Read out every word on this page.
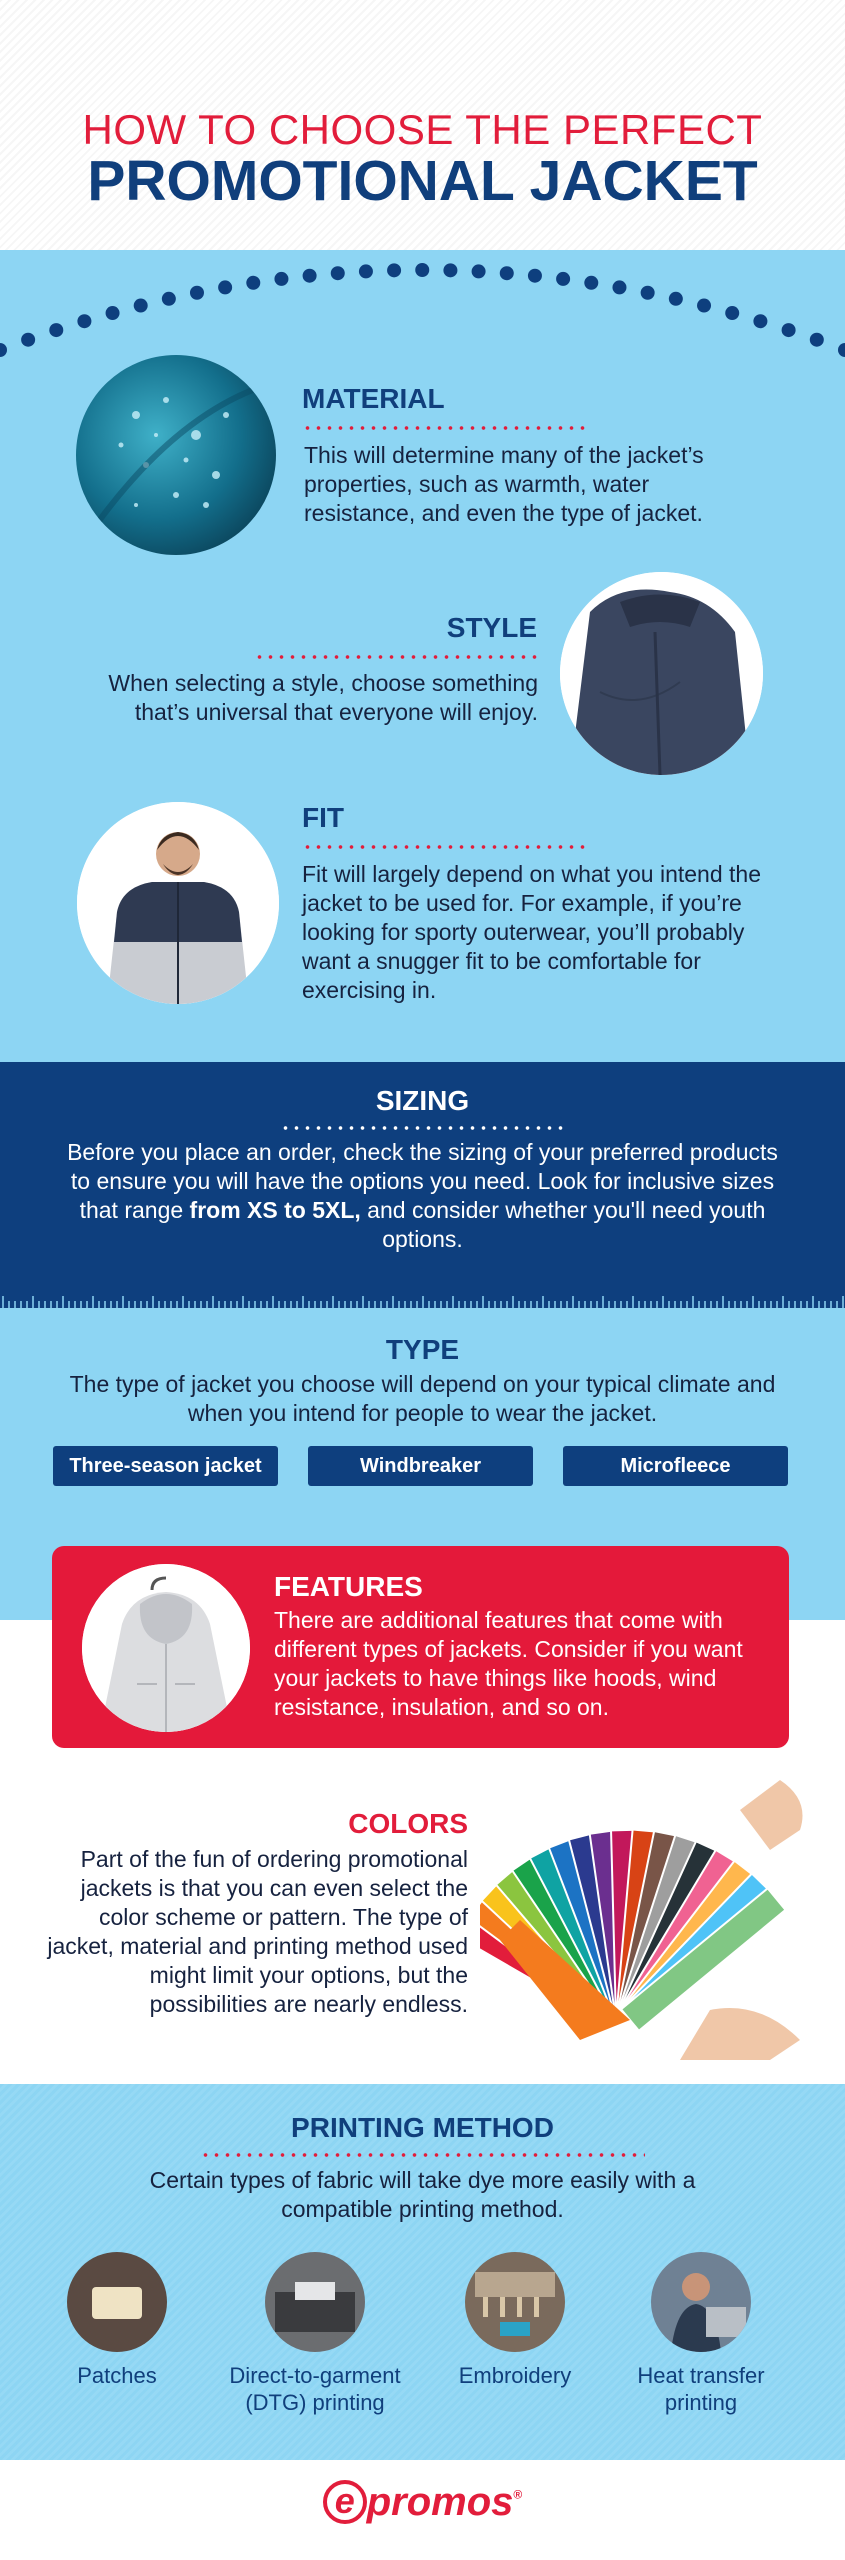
HOW TO CHOOSE THE PERFECT
PROMOTIONAL JACKET
MATERIAL
This will determine many of the jacket’s properties, such as warmth, water resistance, and even the type of jacket.
STYLE
When selecting a style, choose something that’s universal that everyone will enjoy.
FIT
Fit will largely depend on what you intend the jacket to be used for. For example, if you’re looking for sporty outerwear, you’ll probably want a snugger fit to be comfortable for exercising in.
SIZING
Before you place an order, check the sizing of your preferred products to ensure you will have the options you need. Look for inclusive sizes that range from XS to 5XL, and consider whether you'll need youth options.
TYPE
The type of jacket you choose will depend on your typical climate and when you intend for people to wear the jacket.
Three-season jacket	Windbreaker	Microfleece
FEATURES
There are additional features that come with different types of jackets. Consider if you want your jackets to have things like hoods, wind resistance, insulation, and so on.
COLORS
Part of the fun of ordering promotional jackets is that you can even select the color scheme or pattern. The type of jacket, material and printing method used might limit your options, but the possibilities are nearly endless.
PRINTING METHOD
Certain types of fabric will take dye more easily with a compatible printing method.
Patches	Direct-to-garment
(DTG) printing
Embroidery	Heat transfer
printing
e promos®
